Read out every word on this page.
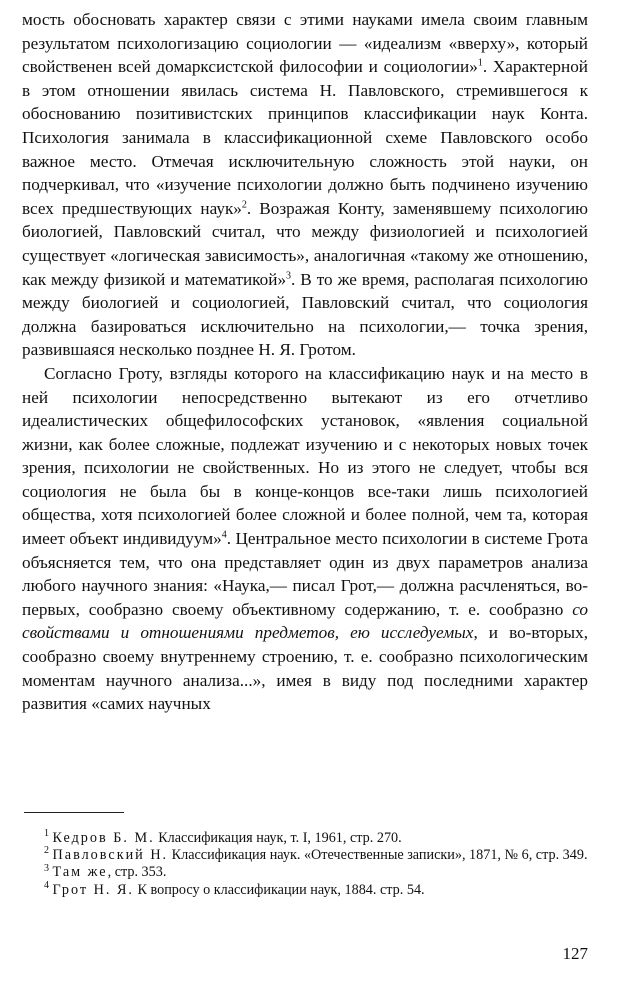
мость обосновать характер связи с этими науками имела своим главным результатом психологизацию социологии — «идеализм «вверху», который свойственен всей домарксистской философии и социологии»$^1$. Характерной в этом отношении явилась система Н. Павловского, стремившегося к обоснованию позитивистских принципов классификации наук Конта. Психология занимала в классификационной схеме Павловского особо важное место. Отмечая исключительную сложность этой науки, он подчеркивал, что «изучение психологии должно быть подчинено изучению всех предшествующих наук»$^2$. Возражая Конту, заменявшему психологию биологией, Павловский считал, что между физиологией и психологией существует «логическая зависимость», аналогичная «такому же отношению, как между физикой и математикой»$^3$. В то же время, располагая психологию между биологией и социологией, Павловский считал, что социология должна базироваться исключительно на психологии,— точка зрения, развившаяся несколько позднее Н. Я. Гротом.

Согласно Гроту, взгляды которого на классификацию наук и на место в ней психологии непосредственно вытекают из его отчетливо идеалистических общефилософских установок, «явления социальной жизни, как более сложные, подлежат изучению и с некоторых новых точек зрения, психологии не свойственных. Но из этого не следует, чтобы вся социология не была бы в конце-концов все-таки лишь психологией общества, хотя психологией более сложной и более полной, чем та, которая имеет объект индивидуум»$^4$. Центральное место психологии в системе Грота объясняется тем, что она представляет один из двух параметров анализа любого научного знания: «Наука,— писал Грот,— должна расчленяться, во-первых, сообразно своему объективному содержанию, т. е. сообразно со свойствами и отношениями предметов, ею исследуемых, и во-вторых, сообразно своему внутреннему строению, т. е. сообразно психологическим моментам научного анализа...», имея в виду под последними характер развития «самих научных

$^1$ Кедров Б. М. Классификация наук, т. I, 1961, стр. 270.

$^2$ Павловский Н. Классификация наук. «Отечественные записки», 1871, № 6, стр. 349.

$^3$ Там же, стр. 353.

$^4$ Грот Н. Я. К вопросу о классификации наук, 1884. стр. 54.

127
